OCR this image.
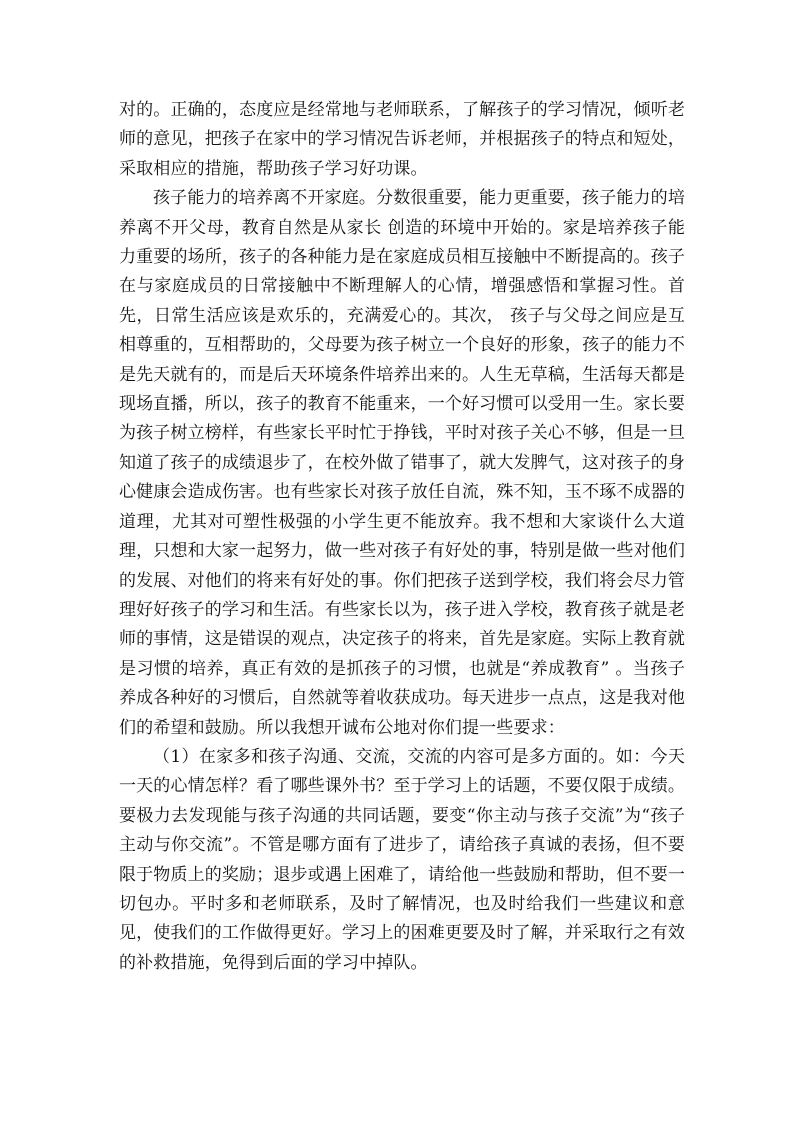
对的。正确的，态度应是经常地与老师联系，了解孩子的学习情况，倾听老师的意见，把孩子在家中的学习情况告诉老师，并根据孩子的特点和短处，采取相应的措施，帮助孩子学习好功课。

孩子能力的培养离不开家庭。分数很重要，能力更重要，孩子能力的培养离不开父母，教育自然是从家长 创造的环境中开始的。家是培养孩子能力重要的场所，孩子的各种能力是在家庭成员相互接触中不断提高的。孩子在与家庭成员的日常接触中不断理解人的心情，增强感悟和掌握习性。首先，日常生活应该是欢乐的，充满爱心的。其次， 孩子与父母之间应是互相尊重的，互相帮助的，父母要为孩子树立一个良好的形象，孩子的能力不是先天就有的，而是后天环境条件培养出来的。人生无草稿，生活每天都是现场直播，所以，孩子的教育不能重来，一个好习惯可以受用一生。家长要为孩子树立榜样，有些家长平时忙于挣钱，平时对孩子关心不够，但是一旦知道了孩子的成绩退步了，在校外做了错事了，就大发脾气，这对孩子的身心健康会造成伤害。也有些家长对孩子放任自流，殊不知，玉不琢不成器的道理，尤其对可塑性极强的小学生更不能放弃。我不想和大家谈什么大道理，只想和大家一起努力，做一些对孩子有好处的事，特别是做一些对他们的发展、对他们的将来有好处的事。你们把孩子送到学校，我们将会尽力管理好好孩子的学习和生活。有些家长以为，孩子进入学校，教育孩子就是老师的事情，这是错误的观点，决定孩子的将来，首先是家庭。实际上教育就是习惯的培养，真正有效的是抓孩子的习惯，也就是“养成教育” 。当孩子养成各种好的习惯后，自然就等着收获成功。每天进步一点点，这是我对他们的希望和鼓励。所以我想开诚布公地对你们提一些要求：

（1）在家多和孩子沟通、交流，交流的内容可是多方面的。如：今天一天的心情怎样？看了哪些课外书？至于学习上的话题，不要仅限于成绩。要极力去发现能与孩子沟通的共同话题，要变“你主动与孩子交流”为“孩子主动与你交流”。不管是哪方面有了进步了，请给孩子真诚的表扬，但不要限于物质上的奖励；退步或遇上困难了，请给他一些鼓励和帮助，但不要一切包办。平时多和老师联系，及时了解情况，也及时给我们一些建议和意见，使我们的工作做得更好。学习上的困难更要及时了解，并采取行之有效的补救措施，免得到后面的学习中掉队。
